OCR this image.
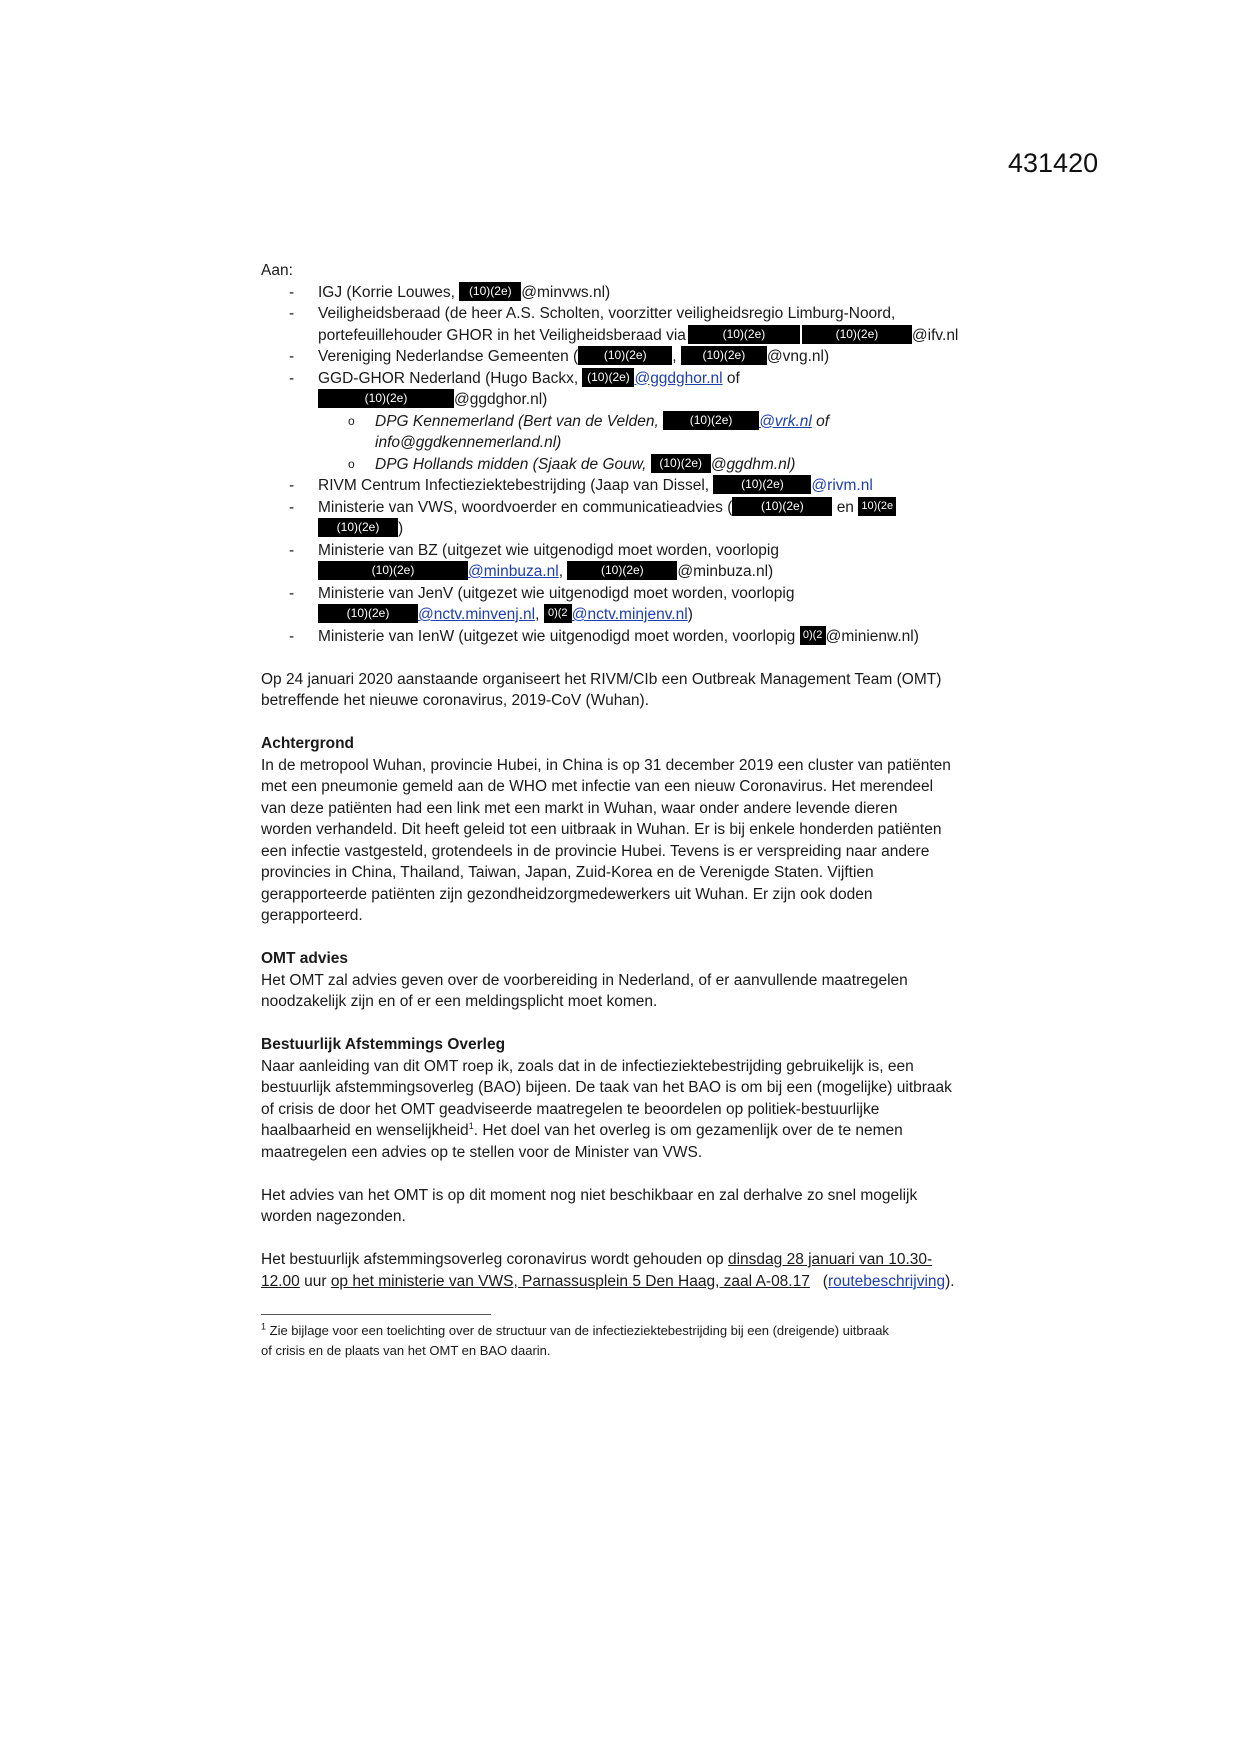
431420
Aan:
- IGJ (Korrie Louwes, (10)(2e) @minvws.nl)
- Veiligheidsberaad (de heer A.S. Scholten, voorzitter veiligheidsregio Limburg-Noord,
portefeuillehouder GHOR in het Veiligheidsberaad via	(10)(2e)	(10)(2e) @ifv.nl
- Vereniging Nederlandse Gemeenten ( (10)(2e) , (10)(2e) @vng.nl)
- GGD-GHOR Nederland (Hugo Backx, (10)(2e) @ggdghor.nl of
(10)(2e)	@ggdghor.nl)
o DPG Kennemerland (Bert van de Velden, (10)(2e) @vrk.nl of
info@ggdkennemerland.nl)
o DPG Hollands midden (Sjaak de Gouw, (10)(2e) @ggdhm.nl)
- RIVM Centrum Infectieziektebestrijding (Jaap van Dissel, (10)(2e) @rivm.nl
- Ministerie van VWS, woordvoerder en communicatieadvies ( (10)(2e) en 10)(2e
(10)(2e) )
- Ministerie van BZ (uitgezet wie uitgenodigd moet worden, voorlopig
(10)(2e)	@minbuza.nl,	(10)(2e) @minbuza.nl)
- Ministerie van JenV (uitgezet wie uitgenodigd moet worden, voorlopig
(10)(2e) @nctv.minvenj.nl, 0)(2 @nctv.minjenv.nl)
- Ministerie van IenW (uitgezet wie uitgenodigd moet worden, voorlopig 0)(2 @minienw.nl)
Op 24 januari 2020 aanstaande organiseert het RIVM/CIb een Outbreak Management Team (OMT)
betreffende het nieuwe coronavirus, 2019-CoV (Wuhan).
Achtergrond
In de metropool Wuhan, provincie Hubei, in China is op 31 december 2019 een cluster van patiënten
met een pneumonie gemeld aan de WHO met infectie van een nieuw Coronavirus. Het merendeel
van deze patiënten had een link met een markt in Wuhan, waar onder andere levende dieren
worden verhandeld. Dit heeft geleid tot een uitbraak in Wuhan. Er is bij enkele honderden patiënten
een infectie vastgesteld, grotendeels in de provincie Hubei. Tevens is er verspreiding naar andere
provincies in China, Thailand, Taiwan, Japan, Zuid-Korea en de Verenigde Staten. Vijftien
gerapporteerde patiënten zijn gezondheidzorgmedewerkers uit Wuhan. Er zijn ook doden
gerapporteerd.
OMT advies
Het OMT zal advies geven over de voorbereiding in Nederland, of er aanvullende maatregelen
noodzakelijk zijn en of er een meldingsplicht moet komen.
Bestuurlijk Afstemmings Overleg
Naar aanleiding van dit OMT roep ik, zoals dat in de infectieziektebestrijding gebruikelijk is, een
bestuurlijk afstemmingsoverleg (BAO) bijeen. De taak van het BAO is om bij een (mogelijke) uitbraak
of crisis de door het OMT geadviseerde maatregelen te beoordelen op politiek-bestuurlijke
haalbaarheid en wenselijkheid$^1$. Het doel van het overleg is om gezamenlijk over de te nemen
maatregelen een advies op te stellen voor de Minister van VWS.
Het advies van het OMT is op dit moment nog niet beschikbaar en zal derhalve zo snel mogelijk
worden nagezonden.
Het bestuurlijk afstemmingsoverleg coronavirus wordt gehouden op dinsdag 28 januari van 10.30-
12.00 uur op het ministerie van VWS, Parnassusplein 5 Den Haag, zaal A-08.17   (routebeschrijving).
$^1$ Zie bijlage voor een toelichting over de structuur van de infectieziektebestrijding bij een (dreigende) uitbraak
of crisis en de plaats van het OMT en BAO daarin.
